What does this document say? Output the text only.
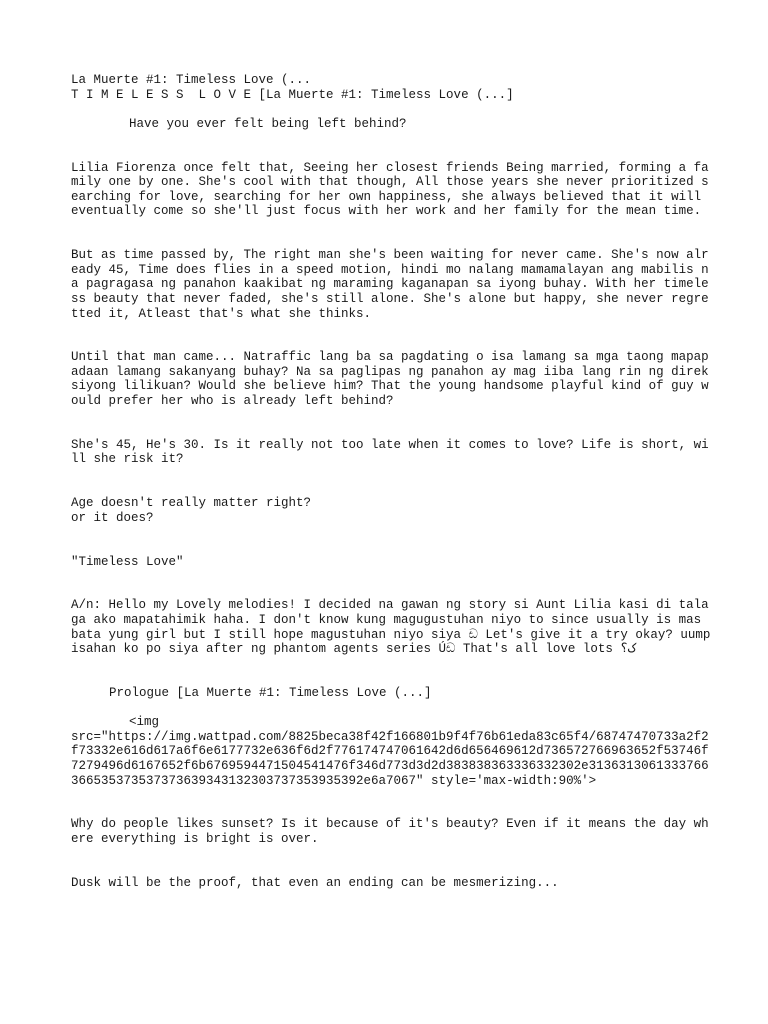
La Muerte #1: Timeless Love (...
T I M E L E S S  L O V E [La Muerte #1: Timeless Love (...]
Have you ever felt being left behind?
Lilia Fiorenza once felt that, Seeing her closest friends Being married, forming a family one by one. She's cool with that though, All those years she never prioritized searching for love, searching for her own happiness, she always believed that it will eventually come so she'll just focus with her work and her family for the mean time.
But as time passed by, The right man she's been waiting for never came. She's now already 45, Time does flies in a speed motion, hindi mo nalang mamamalayan ang mabilis na pagragasa ng panahon kaakibat ng maraming kaganapan sa iyong buhay. With her timeless beauty that never faded, she's still alone. She's alone but happy, she never regretted it, Atleast that's what she thinks.
Until that man came... Natraffic lang ba sa pagdating o isa lamang sa mga taong mapapadaan lamang sakanyang buhay? Na sa paglipas ng panahon ay mag iiba lang rin ng direksiyong lilikuan? Would she believe him? That the young handsome playful kind of guy would prefer her who is already left behind?
She's 45, He's 30. Is it really not too late when it comes to love? Life is short, will she risk it?
Age doesn't really matter right?
or it does?
"Timeless Love"
A/n: Hello my Lovely melodies! I decided na gawan ng story si Aunt Lilia kasi di talaga ako mapatahimik haha. I don't know kung magugustuhan niyo to since usually is mas bata yung girl but I still hope magustuhan niyo siya ඩ Let's give it a try okay? uumpisahan ko po siya after ng phantom agents series Úඩ That's all love lots ک؟
Prologue [La Muerte #1: Timeless Love (...]
<img
src="https://img.wattpad.com/8825beca38f42f166801b9f4f76b61eda83c65f4/68747470733a2f2f73332e616d617a6f6e6177732e636f6d2f776174747061642d6d656469612d736572766963652f53746f7279496d6167652f6b6769594471504541476f346d773d3d2d383838363336332302e3136313061333766366535373537373639343132303737353935392e6a7067" style='max-width:90%'>
Why do people likes sunset? Is it because of it's beauty? Even if it means the day where everything is bright is over.
Dusk will be the proof, that even an ending can be mesmerizing...
